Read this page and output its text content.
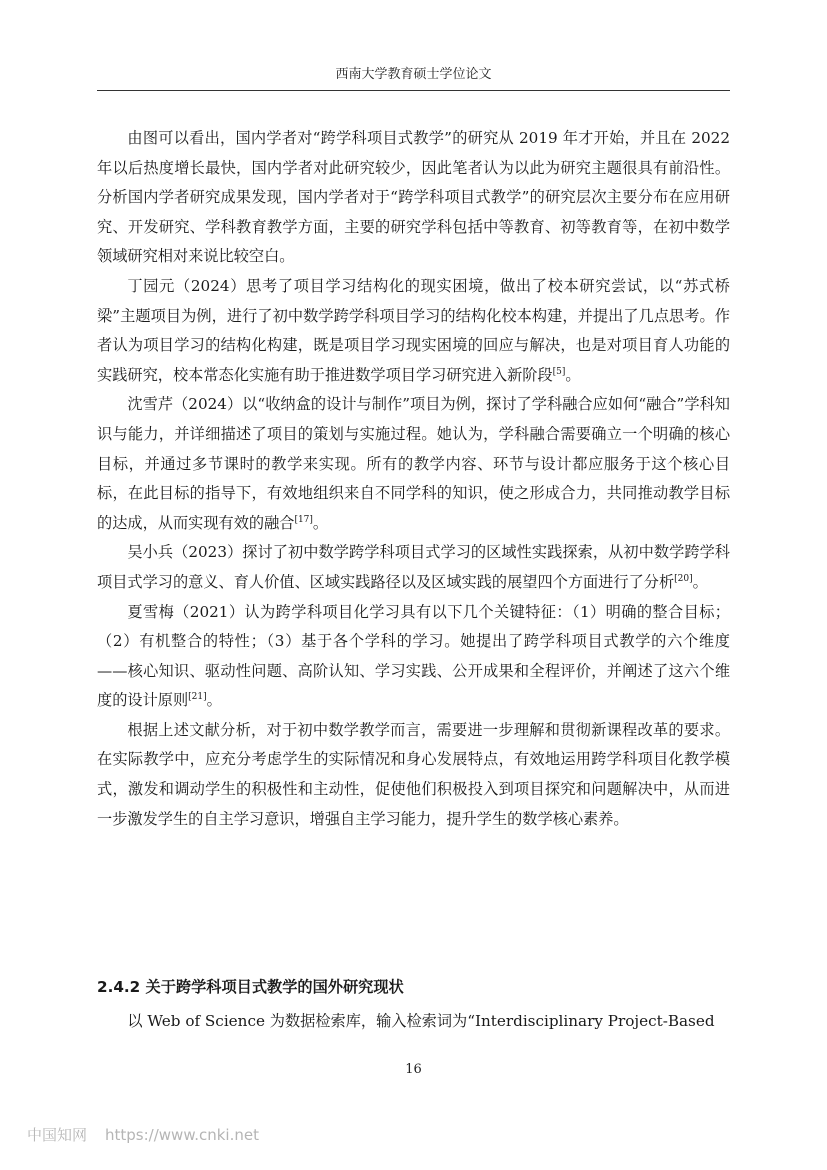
西南大学教育硕士学位论文

由图可以看出，国内学者对“跨学科项目式教学”的研究从 2019 年才开始，并且在 2022 年以后热度增长最快，国内学者对此研究较少，因此笔者认为以此为研究主题很具有前沿性。分析国内学者研究成果发现，国内学者对于“跨学科项目式教学”的研究层次主要分布在应用研究、开发研究、学科教育教学方面，主要的研究学科包括中等教育、初等教育等，在初中数学领域研究相对来说比较空白。

丁园元（2024）思考了项目学习结构化的现实困境，做出了校本研究尝试，以“苏式桥梁”主题项目为例，进行了初中数学跨学科项目学习的结构化校本构建，并提出了几点思考。作者认为项目学习的结构化构建，既是项目学习现实困境的回应与解决，也是对项目育人功能的实践研究，校本常态化实施有助于推进数学项目学习研究进入新阶段[5]。

沈雪芹（2024）以“收纳盒的设计与制作”项目为例，探讨了学科融合应如何“融合”学科知识与能力，并详细描述了项目的策划与实施过程。她认为，学科融合需要确立一个明确的核心目标，并通过多节课时的教学来实现。所有的教学内容、环节与设计都应服务于这个核心目标，在此目标的指导下，有效地组织来自不同学科的知识，使之形成合力，共同推动教学目标的达成，从而实现有效的融合[17]。

吴小兵（2023）探讨了初中数学跨学科项目式学习的区域性实践探索，从初中数学跨学科项目式学习的意义、育人价值、区域实践路径以及区域实践的展望四个方面进行了分析[20]。

夏雪梅（2021）认为跨学科项目化学习具有以下几个关键特征：（1）明确的整合目标；（2）有机整合的特性；（3）基于各个学科的学习。她提出了跨学科项目式教学的六个维度——核心知识、驱动性问题、高阶认知、学习实践、公开成果和全程评价，并阐述了这六个维度的设计原则[21]。

根据上述文献分析，对于初中数学教学而言，需要进一步理解和贯彻新课程改革的要求。在实际教学中，应充分考虑学生的实际情况和身心发展特点，有效地运用跨学科项目化教学模式，激发和调动学生的积极性和主动性，促使他们积极投入到项目探究和问题解决中，从而进一步激发学生的自主学习意识，增强自主学习能力，提升学生的数学核心素养。

2.4.2 关于跨学科项目式教学的国外研究现状

以 Web of Science 为数据检索库，输入检索词为“Interdisciplinary Project-Based

16
中国知网 https://www.cnki.net
